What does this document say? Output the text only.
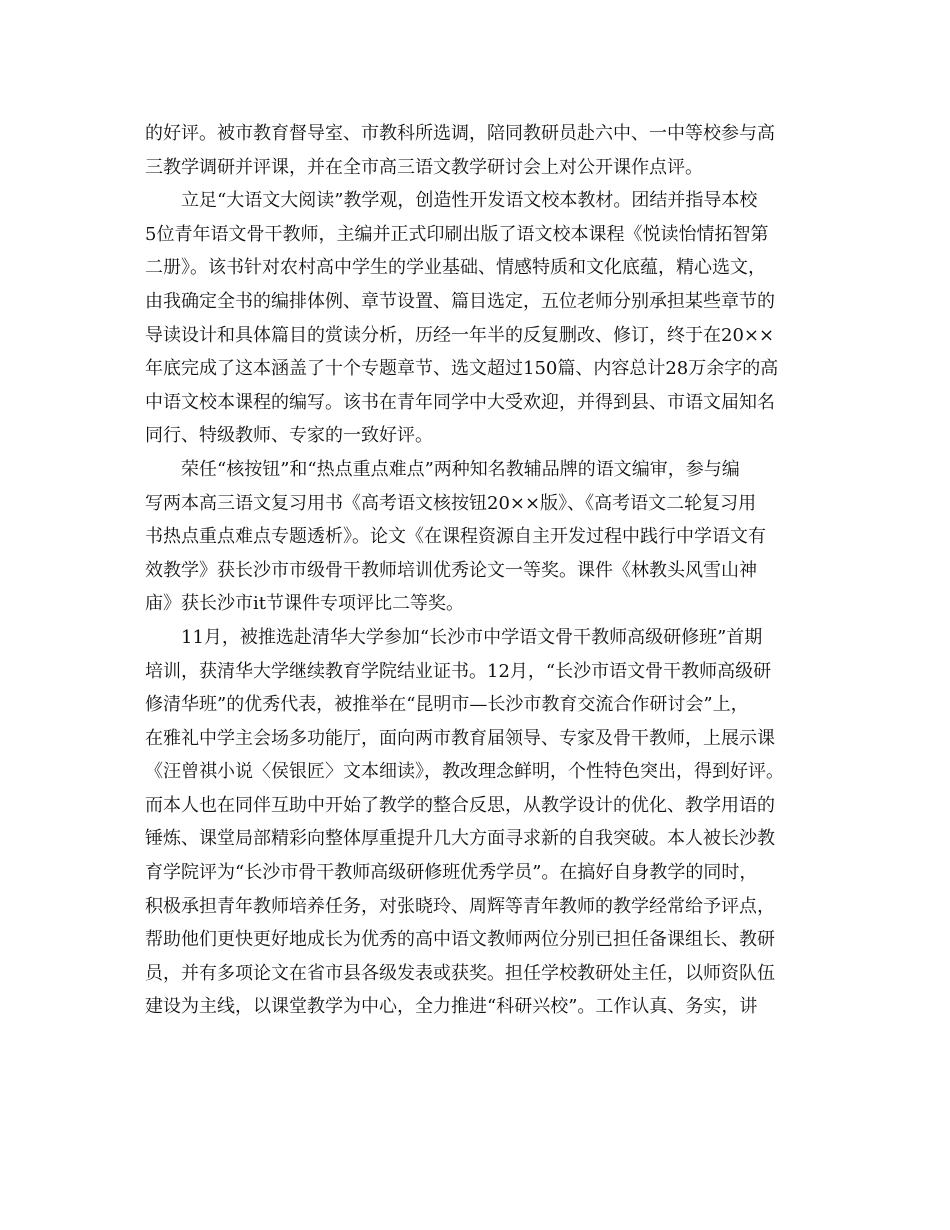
的好评。被市教育督导室、市教科所选调，陪同教研员赴六中、一中等校参与高
三教学调研并评课，并在全市高三语文教学研讨会上对公开课作点评。
立足“大语文大阅读”教学观，创造性开发语文校本教材。团结并指导本校
5位青年语文骨干教师，主编并正式印刷出版了语文校本课程《悦读怡情拓智第
二册》。该书针对农村高中学生的学业基础、情感特质和文化底蕴，精心选文，
由我确定全书的编排体例、章节设置、篇目选定，五位老师分别承担某些章节的
导读设计和具体篇目的赏读分析，历经一年半的反复删改、修订，终于在20××
年底完成了这本涵盖了十个专题章节、选文超过150篇、内容总计28万余字的高
中语文校本课程的编写。该书在青年同学中大受欢迎，并得到县、市语文届知名
同行、特级教师、专家的一致好评。
荣任“核按钮”和“热点重点难点”两种知名教辅品牌的语文编审，参与编
写两本高三语文复习用书《高考语文核按钮20××版》、《高考语文二轮复习用
书热点重点难点专题透析》。论文《在课程资源自主开发过程中践行中学语文有
效教学》获长沙市市级骨干教师培训优秀论文一等奖。课件《林教头风雪山神
庙》获长沙市it节课件专项评比二等奖。
11月，被推选赴清华大学参加“长沙市中学语文骨干教师高级研修班”首期
培训，获清华大学继续教育学院结业证书。12月，“长沙市语文骨干教师高级研
修清华班”的优秀代表，被推举在“昆明市—长沙市教育交流合作研讨会”上，
在雅礼中学主会场多功能厅，面向两市教育届领导、专家及骨干教师，上展示课
《汪曾祺小说〈侯银匠〉文本细读》，教改理念鲜明，个性特色突出，得到好评。
而本人也在同伴互助中开始了教学的整合反思，从教学设计的优化、教学用语的
锤炼、课堂局部精彩向整体厚重提升几大方面寻求新的自我突破。本人被长沙教
育学院评为“长沙市骨干教师高级研修班优秀学员”。在搞好自身教学的同时，
积极承担青年教师培养任务，对张晓玲、周辉等青年教师的教学经常给予评点，
帮助他们更快更好地成长为优秀的高中语文教师两位分别已担任备课组长、教研
员，并有多项论文在省市县各级发表或获奖。担任学校教研处主任，以师资队伍
建设为主线，以课堂教学为中心，全力推进“科研兴校”。工作认真、务实，讲
